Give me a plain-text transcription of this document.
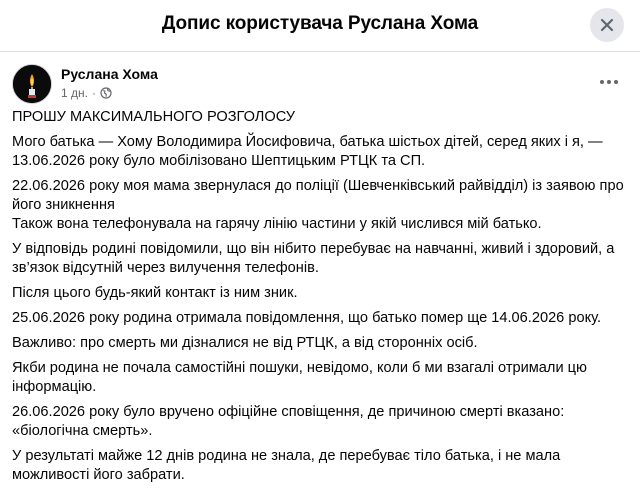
Допис користувача Руслана Хома
Руслана Хома
1 дн. ·

ПРОШУ МАКСИМАЛЬНОГО РОЗГОЛОСУ

Мого батька — Хому Володимира Йосифовича, батька шістьох дітей, серед яких і я, — 13.06.2026 року було мобілізовано Шептицьким РТЦК та СП.

22.06.2026 року моя мама звернулася до поліції (Шевченківський райвідділ) із заявою про його зникнення

Також вона телефонувала на гарячу лінію частини у якій числився мій батько.

У відповідь родині повідомили, що він нібито перебуває на навчанні, живий і здоровий, а зв’язок відсутній через вилучення телефонів.

Після цього будь-який контакт із ним зник.

25.06.2026 року родина отримала повідомлення, що батько помер ще 14.06.2026 року.

Важливо: про смерть ми дізналися не від РТЦК, а від сторонніх осіб.

Якби родина не почала самостійні пошуки, невідомо, коли б ми взагалі отримали цю інформацію.

26.06.2026 року було вручено офіційне сповіщення, де причиною смерті вказано: «біологічна смерть».

У результаті майже 12 днів родина не знала, де перебуває тіло батька, і не мала можливості його забрати.
